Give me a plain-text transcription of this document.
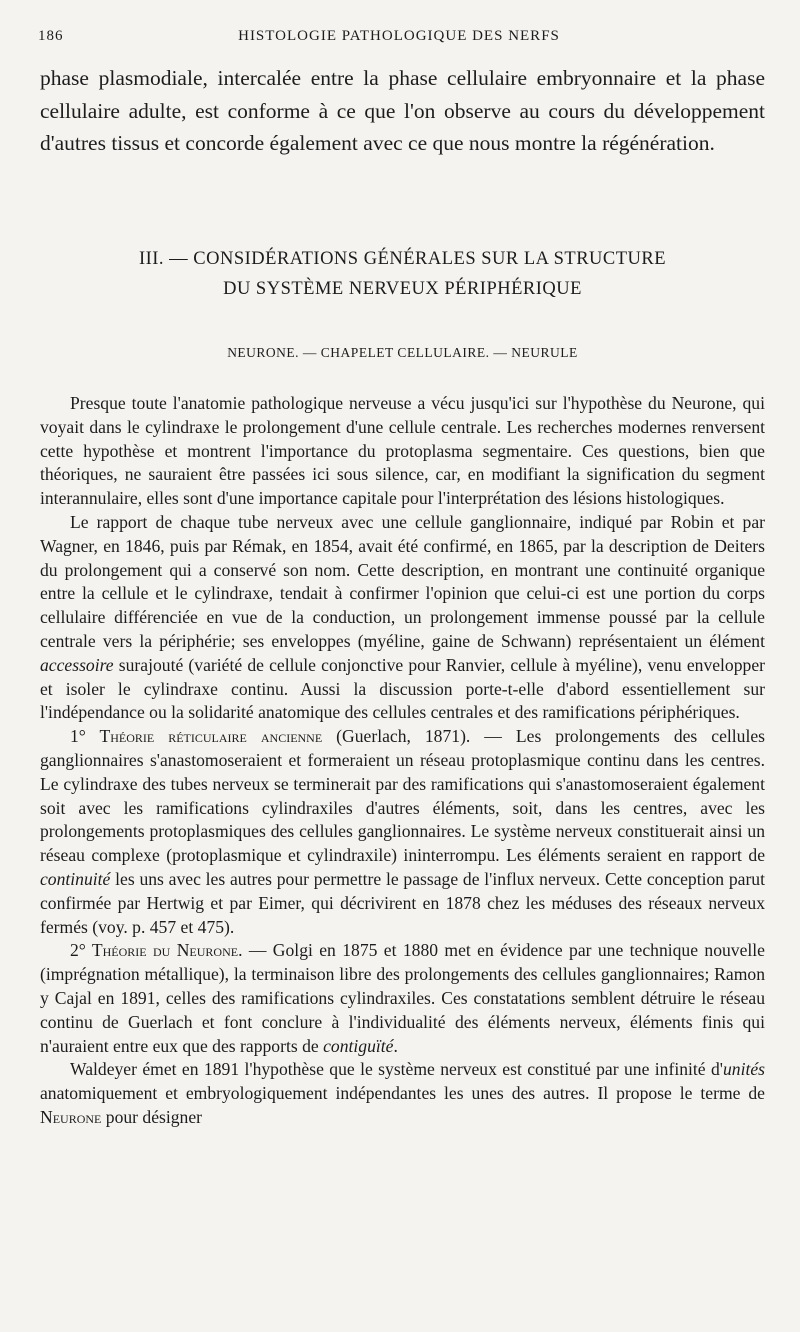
186	HISTOLOGIE PATHOLOGIQUE DES NERFS

phase plasmodiale, intercalée entre la phase cellulaire embryonnaire et la phase cellulaire adulte, est conforme à ce que l'on observe au cours du développement d'autres tissus et concorde également avec ce que nous montre la régénération.

III. — CONSIDÉRATIONS GÉNÉRALES SUR LA STRUCTURE
DU SYSTÈME NERVEUX PÉRIPHÉRIQUE
NEURONE. — CHAPELET CELLULAIRE. — NEURULE

Presque toute l'anatomie pathologique nerveuse a vécu jusqu'ici sur l'hypothèse du Neurone, qui voyait dans le cylindraxe le prolongement d'une cellule centrale. Les recherches modernes renversent cette hypothèse et montrent l'importance du protoplasma segmentaire. Ces questions, bien que théoriques, ne sauraient être passées ici sous silence, car, en modifiant la signification du segment interannulaire, elles sont d'une importance capitale pour l'interprétation des lésions histologiques.

Le rapport de chaque tube nerveux avec une cellule ganglionnaire, indiqué par Robin et par Wagner, en 1846, puis par Rémak, en 1854, avait été confirmé, en 1865, par la description de Deiters du prolongement qui a conservé son nom. Cette description, en montrant une continuité organique entre la cellule et le cylindraxe, tendait à confirmer l'opinion que celui-ci est une portion du corps cellulaire différenciée en vue de la conduction, un prolongement immense poussé par la cellule centrale vers la périphérie; ses enveloppes (myéline, gaine de Schwann) représentaient un élément accessoire surajouté (variété de cellule conjonctive pour Ranvier, cellule à myéline), venu envelopper et isoler le cylindraxe continu. Aussi la discussion porte-t-elle d'abord essentiellement sur l'indépendance ou la solidarité anatomique des cellules centrales et des ramifications périphériques.

1° Théorie réticulaire ancienne (Guerlach, 1871). — Les prolongements des cellules ganglionnaires s'anastomoseraient et formeraient un réseau protoplasmique continu dans les centres. Le cylindraxe des tubes nerveux se terminerait par des ramifications qui s'anastomoseraient également soit avec les ramifications cylindraxiles d'autres éléments, soit, dans les centres, avec les prolongements protoplasmiques des cellules ganglionnaires. Le système nerveux constituerait ainsi un réseau complexe (protoplasmique et cylindraxile) ininterrompu. Les éléments seraient en rapport de continuité les uns avec les autres pour permettre le passage de l'influx nerveux. Cette conception parut confirmée par Hertwig et par Eimer, qui décrivirent en 1878 chez les méduses des réseaux nerveux fermés (voy. p. 457 et 475).

2° Théorie du Neurone. — Golgi en 1875 et 1880 met en évidence par une technique nouvelle (imprégnation métallique), la terminaison libre des prolongements des cellules ganglionnaires; Ramon y Cajal en 1891, celles des ramifications cylindraxiles. Ces constatations semblent détruire le réseau continu de Guerlach et font conclure à l'individualité des éléments nerveux, éléments finis qui n'auraient entre eux que des rapports de contiguïté.

Waldeyer émet en 1891 l'hypothèse que le système nerveux est constitué par une infinité d'unités anatomiquement et embryologiquement indépendantes les unes des autres. Il propose le terme de Neurone pour désigner
